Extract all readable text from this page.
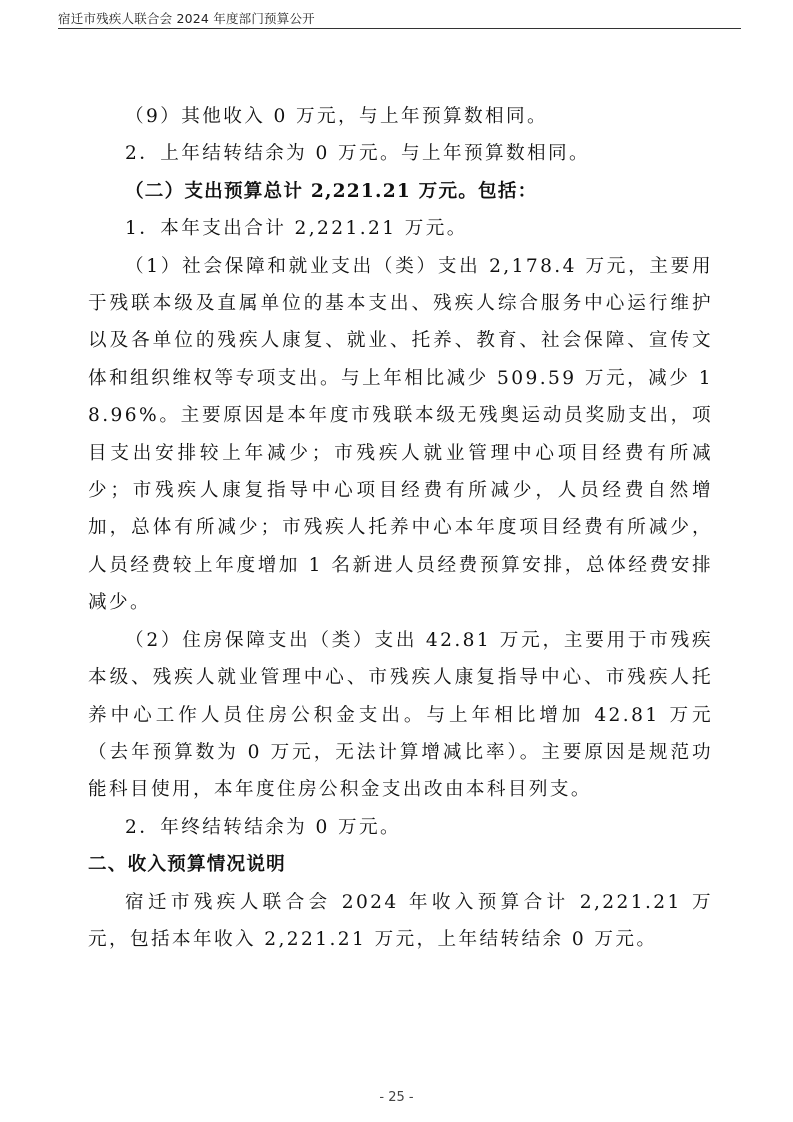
宿迁市残疾人联合会 2024 年度部门预算公开

（9）其他收入 0 万元，与上年预算数相同。

2．上年结转结余为 0 万元。与上年预算数相同。

（二）支出预算总计 2,221.21 万元。包括：

1．本年支出合计 2,221.21 万元。

（1）社会保障和就业支出（类）支出 2,178.4 万元，主要用于残联本级及直属单位的基本支出、残疾人综合服务中心运行维护以及各单位的残疾人康复、就业、托养、教育、社会保障、宣传文体和组织维权等专项支出。与上年相比减少 509.59 万元，减少 18.96%。主要原因是本年度市残联本级无残奥运动员奖励支出，项目支出安排较上年减少；市残疾人就业管理中心项目经费有所减少；市残疾人康复指导中心项目经费有所减少，人员经费自然增加，总体有所减少；市残疾人托养中心本年度项目经费有所减少，人员经费较上年度增加 1 名新进人员经费预算安排，总体经费安排减少。

（2）住房保障支出（类）支出 42.81 万元，主要用于市残疾本级、残疾人就业管理中心、市残疾人康复指导中心、市残疾人托养中心工作人员住房公积金支出。与上年相比增加 42.81 万元（去年预算数为 0 万元，无法计算增减比率）。主要原因是规范功能科目使用，本年度住房公积金支出改由本科目列支。

2．年终结转结余为 0 万元。

二、收入预算情况说明

宿迁市残疾人联合会 2024 年收入预算合计 2,221.21 万元，包括本年收入 2,221.21 万元，上年结转结余 0 万元。

- 25 -
